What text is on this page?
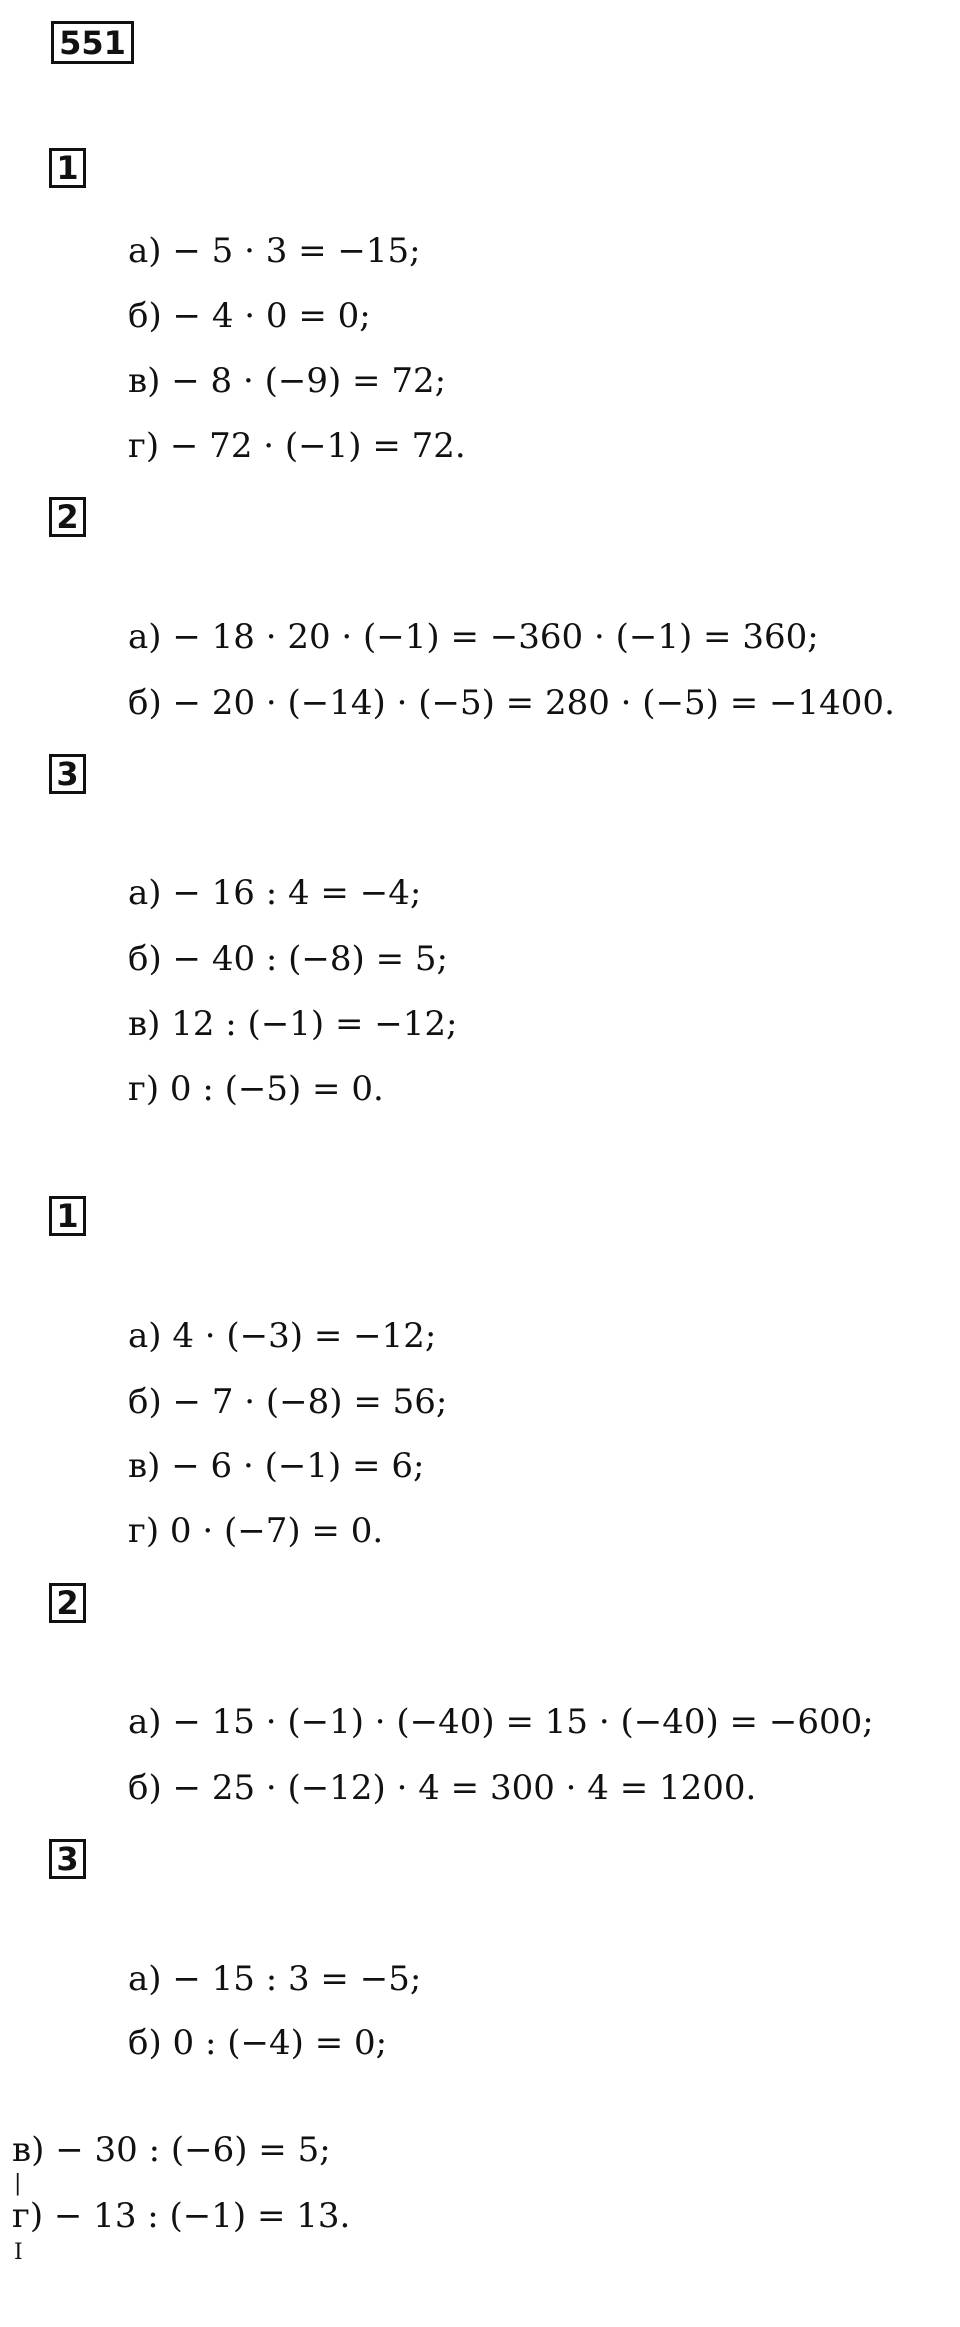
551
1
а) − 5 · 3 = −15;
б) − 4 · 0 = 0;
в) − 8 · (−9) = 72;
г) − 72 · (−1) = 72.
2
а) − 18 · 20 · (−1) = −360 · (−1) = 360;
б) − 20 · (−14) · (−5) = 280 · (−5) = −1400.
3
а) − 16 : 4 = −4;
б) − 40 : (−8) = 5;
в) 12 : (−1) = −12;
г) 0 : (−5) = 0.
1
а) 4 · (−3) = −12;
б) − 7 · (−8) = 56;
в) − 6 · (−1) = 6;
г) 0 · (−7) = 0.
2
а) − 15 · (−1) · (−40) = 15 · (−40) = −600;
б) − 25 · (−12) · 4 = 300 · 4 = 1200.
3
а) − 15 : 3 = −5;
б) 0 : (−4) = 0;
в) − 30 : (−6) = 5;
г) − 13 : (−1) = 13.
|
I
